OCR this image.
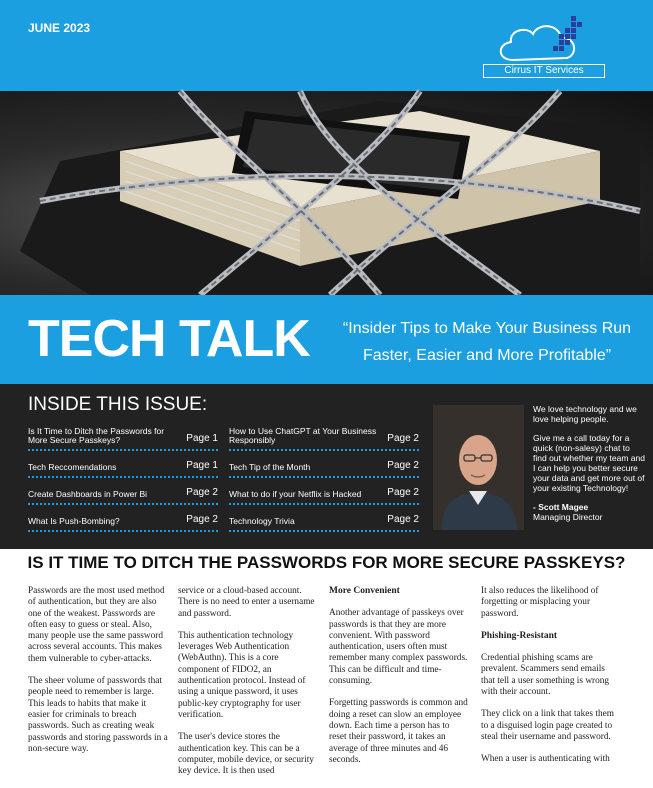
JUNE 2023
Cirrus IT Services
TECH TALK	“Insider Tips to Make Your Business Run Faster, Easier and More Profitable”
INSIDE THIS ISSUE:
Is It Time to Ditch the Passwords for More Secure Passkeys?	Page 1
Tech Reccomendations	Page 1
Create Dashboards in Power Bi	Page 2
What Is Push-Bombing?	Page 2
How to Use ChatGPT at Your Business Responsibly	Page 2
Tech Tip of the Month	Page 2
What to do if your Netflix is Hacked	Page 2
Technology Trivia	Page 2

We love technology and we love helping people.

Give me a call today for a quick (non-salesy) chat to find out whether my team and I can help you better secure your data and get more out of your existing Technology!

- Scott Magee
Managing Director
IS IT TIME TO DITCH THE PASSWORDS FOR MORE SECURE PASSKEYS?

Passwords are the most used method of authentication, but they are also one of the weakest. Passwords are often easy to guess or steal. Also, many people use the same password across several accounts. This makes them vulnerable to cyber-attacks.

The sheer volume of passwords that people need to remember is large. This leads to habits that make it easier for criminals to breach passwords. Such as creating weak passwords and storing passwords in a non-secure way.

service or a cloud-based account. There is no need to enter a username and password.

This authentication technology leverages Web Authentication (WebAuthn). This is a core component of FIDO2, an authentication protocol. Instead of using a unique password, it uses public-key cryptography for user verification.

The user's device stores the authentication key. This can be a computer, mobile device, or security key device. It is then used

More Convenient

Another advantage of passkeys over passwords is that they are more convenient. With password authentication, users often must remember many complex passwords. This can be difficult and time-consuming.

Forgetting passwords is common and doing a reset can slow an employee down. Each time a person has to reset their password, it takes an average of three minutes and 46 seconds.

It also reduces the likelihood of forgetting or misplacing your password.

Phishing-Resistant

Credential phishing scams are prevalent. Scammers send emails that tell a user something is wrong with their account.

They click on a link that takes them to a disguised login page created to steal their username and password.

When a user is authenticating with
